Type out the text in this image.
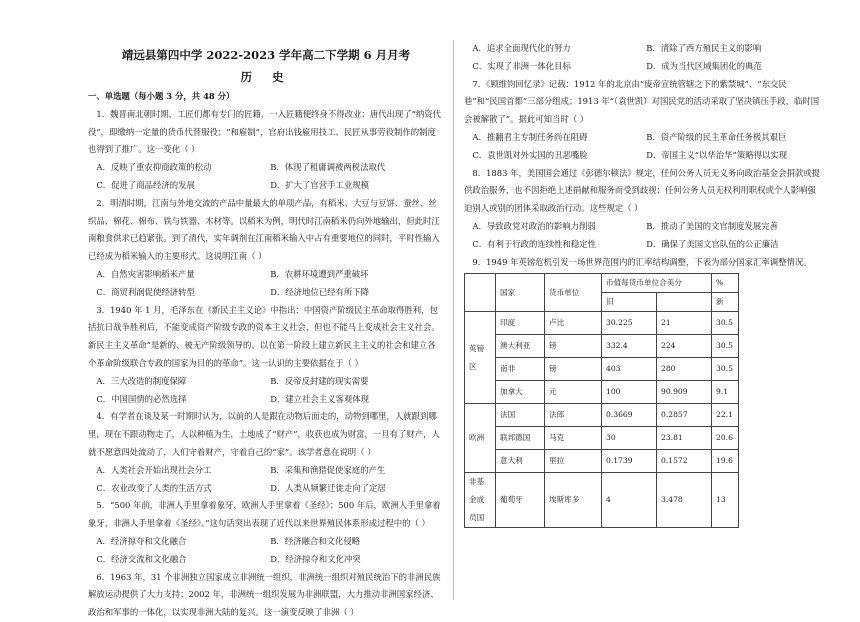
靖远县第四中学 2022-2023 学年高二下学期 6 月月考
历 史
一、单选题（每小题 3 分，共 48 分）

1．魏晋南北朝时期，工匠们都有专门的匠籍，一入匠籍便终身不得改业；唐代出现了“纳资代役”，即缴纳一定量的货币代替服役；“和雇制”，官府出钱雇用技工、民匠从事劳役制作的制度也得到了推广。这一变化（ ）

A．反映了重农抑商政策的松动	B．体现了租庸调被两税法取代
C．促进了商品经济的发展	D．扩大了官营手工业规模

2．明清时期，江南与外地交流的产品中量最大的单项产品，有稻米、大豆与豆饼、蚕丝、丝织品、棉花、棉布、铁与铁器、木材等。以稻米为例，明代时江南稻米仍向外地输出，但此时江南粮食供求已趋紧张。到了清代，实年调剂在江南稻米输入中占有重要地位的同时，平时性输入已经成为稻米输入的主要形式。这说明江南（ ）

A．自然灾害影响稻米产量	B．农耕环境遭到严重破坏
C．商贸利润促使经济转型	D．经济地位已经有所下降

3．1940 年 1 月，毛泽东在《新民主主义论》中指出：中国资产阶级民主革命取得胜利，包括抗日战争胜利后，不能变成资产阶级专政的资本主义社会，但也不能马上变成社会主义社会。新民主主义革命“是新的、被无产阶级领导的、以在第一阶段上建立新民主主义的社会和建立各个革命阶级联合专政的国家为目的的革命”。这一认识的主要依据在于（ ）

A．三大改造的制度保障	B．反帝反封建的现实需要
C．中国国情的必然选择	D．建立社会主义客观体现

4．有学者在谈及某一时期时认为，以前的人是跟在动物后面走的，动物到哪里，人就跟到哪里，现在不跟动物走了，人以种植为生，土地成了“财产”，收获也成为财富，一旦有了财产，人就不愿意四处流动了，人们守着财产，守着自己的“家”。该学者意在说明（ ）

A．人类社会开始出现社会分工	B．采集和渔猎促使家庭的产生
C．农业改变了人类的生活方式	D．人类从频繁迁徙走向了定居

5．“500 年前，非洲人手里拿着象牙，欧洲人手里拿着《圣经》；500 年后，欧洲人手里拿着象牙，非洲人手里拿着《圣经》。”这句话突出表现了近代以来世界殖民体系形成过程中的（ ）

A．经济掠夺和文化融合	B．经济融合和文化侵略
C．经济交流和文化融合	D．经济掠夺和文化冲突

6．1963 年，31 个非洲独立国家成立非洲统一组织，非洲统一组织对殖民统治下的非洲民族解放运动提供了大力支持；2002 年，非洲统一组织发展为非洲联盟，大力推动非洲国家经济、政治和军事的一体化，以实现非洲大陆的复兴。这一演变反映了非洲（ ）

A．追求全面现代化的努力	B．清除了西方殖民主义的影响
C．实现了非洲一体化目标	D．成为当代区域集团化的典范

7．《顾维钧回忆录》记载：1912 年的北京由“废帝宣统管辖之下的紫禁城”、“东交民巷”和“民国首都”三部分组成；1913 年“（袁世凯）对国民党的活动采取了坚决镇压手段，临时国会被解散了”。据此可知当时（ ）

A．推翻君主专制任务尚在阻碍	B．资产阶级的民主革命任务极其艰巨
C．袁世凯对外实国的丑恶嘴脸	D．帝国主义“以华治华”策略得以实现

8．1883 年，美国国会通过《彭德尔顿法》规定，任何公务人员无义务向政治基金会捐款或提供政治服务，也不因拒绝上述捐献和服务而受到歧视；任何公务人员无权利用职权或个人影响强迫别人或别的团体采取政治行动。这些规定（ ）

A．导致政党对政治的影响力削弱	B．推动了美国的文官制度发展完善
C．有利于行政的连续性和稳定性	D．确保了美国文官队伍的公正廉洁

9．1949 年英镑危机引发一场世界范围内的汇率结构调整，下表为部分国家汇率调整情况。

	国家	货币单位	币值每货币单位合美分		%
			旧		新
英镑区	印度	卢比	30.225	21	30.5
	澳大利亚	镑	332.4	224	30.5
	南非	镑	403	280	30.5
	加拿大	元	100	90.909	9.1
欧洲	法国	法郎	0.3669	0.2857	22.1
	联邦德国	马克	30	23.81	20.6
	意大利	里拉	0.1739	0.1572	19.6
非基金成员国	葡萄牙	埃斯库多	4	3.478	13
